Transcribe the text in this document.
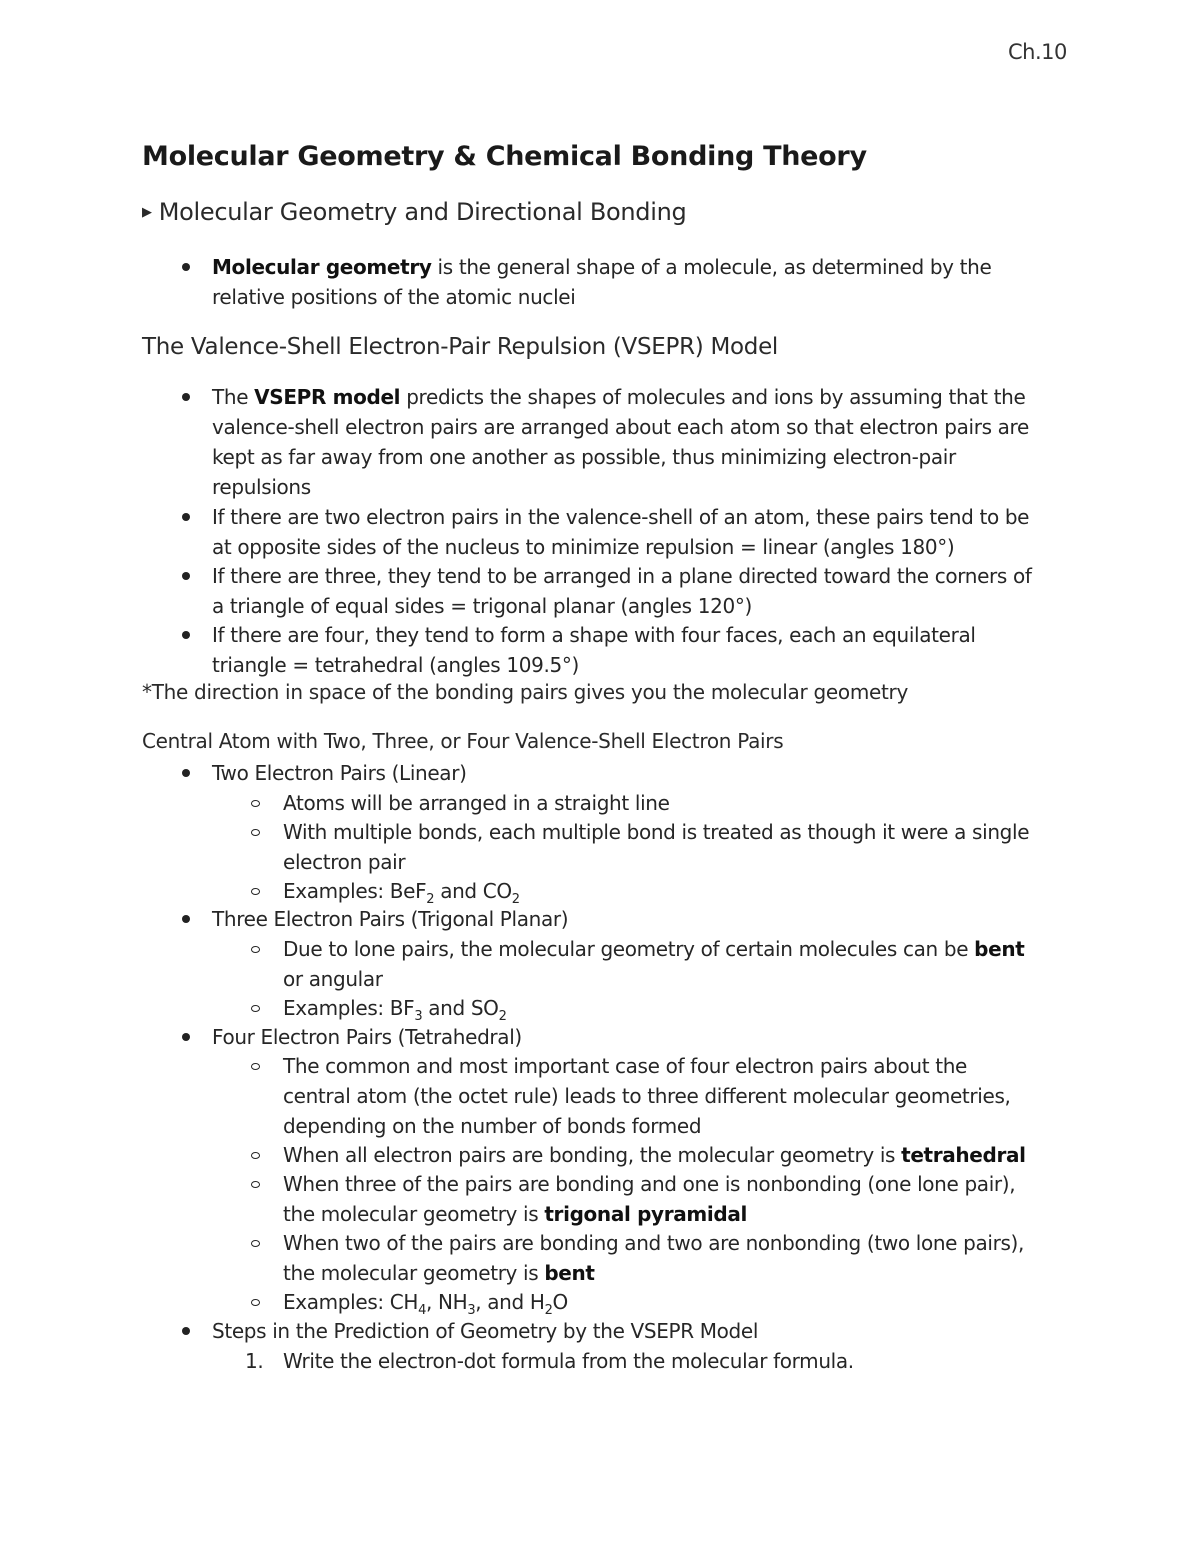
Ch.10
Molecular Geometry & Chemical Bonding Theory
▶ Molecular Geometry and Directional Bonding
Molecular geometry is the general shape of a molecule, as determined by the
relative positions of the atomic nuclei
The Valence-Shell Electron-Pair Repulsion (VSEPR) Model
The VSEPR model predicts the shapes of molecules and ions by assuming that the
valence-shell electron pairs are arranged about each atom so that electron pairs are
kept as far away from one another as possible, thus minimizing electron-pair
repulsions
If there are two electron pairs in the valence-shell of an atom, these pairs tend to be
at opposite sides of the nucleus to minimize repulsion = linear (angles 180°)
If there are three, they tend to be arranged in a plane directed toward the corners of
a triangle of equal sides = trigonal planar (angles 120°)
If there are four, they tend to form a shape with four faces, each an equilateral
triangle = tetrahedral (angles 109.5°)
*The direction in space of the bonding pairs gives you the molecular geometry
Central Atom with Two, Three, or Four Valence-Shell Electron Pairs
Two Electron Pairs (Linear)
Atoms will be arranged in a straight line
With multiple bonds, each multiple bond is treated as though it were a single
electron pair
Examples: BeF$_2$ and $CO_2$
Three Electron Pairs (Trigonal Planar)
Due to lone pairs, the molecular geometry of certain molecules can be bent
or angular
Examples: $BF_3$ and $SO_2$
Four Electron Pairs (Tetrahedral)
The common and most important case of four electron pairs about the
central atom (the octet rule) leads to three different molecular geometries,
depending on the number of bonds formed
When all electron pairs are bonding, the molecular geometry is tetrahedral
When three of the pairs are bonding and one is nonbonding (one lone pair),
the molecular geometry is trigonal pyramidal
When two of the pairs are bonding and two are nonbonding (two lone pairs),
the molecular geometry is bent
Examples: $CH_4$, $NH_3$, and $H_2O$
Steps in the Prediction of Geometry by the VSEPR Model
1. Write the electron-dot formula from the molecular formula.
